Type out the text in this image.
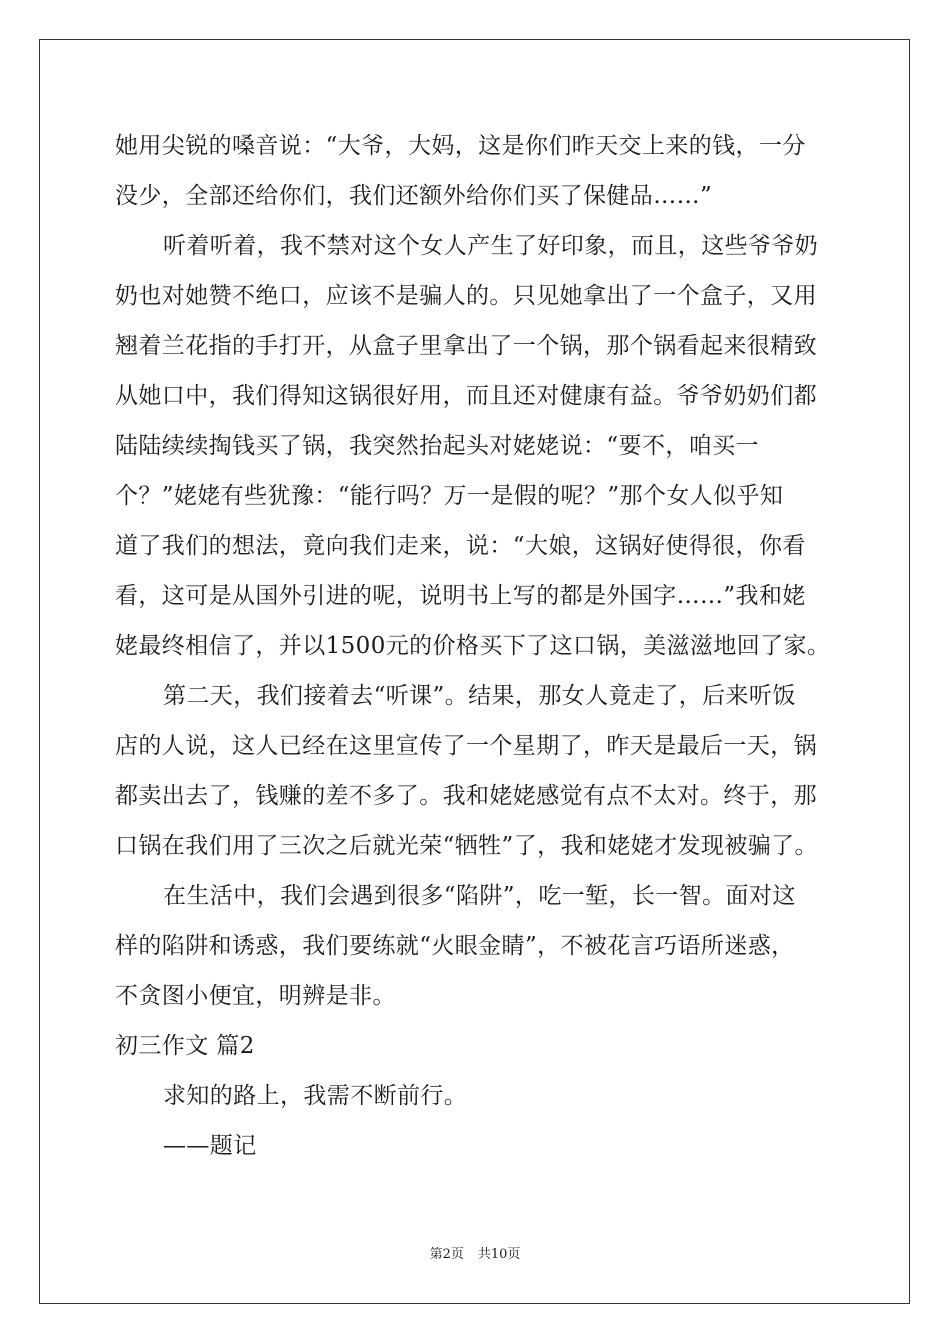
她用尖锐的嗓音说：“大爷，大妈，这是你们昨天交上来的钱，一分
没少，全部还给你们，我们还额外给你们买了保健品……”
听着听着，我不禁对这个女人产生了好印象，而且，这些爷爷奶
奶也对她赞不绝口，应该不是骗人的。只见她拿出了一个盒子，又用
翘着兰花指的手打开，从盒子里拿出了一个锅，那个锅看起来很精致
从她口中，我们得知这锅很好用，而且还对健康有益。爷爷奶奶们都
陆陆续续掏钱买了锅，我突然抬起头对姥姥说：“要不，咱买一
个？”姥姥有些犹豫：“能行吗？万一是假的呢？”那个女人似乎知
道了我们的想法，竟向我们走来，说：“大娘，这锅好使得很，你看
看，这可是从国外引进的呢，说明书上写的都是外国字……”我和姥
姥最终相信了，并以1500元的价格买下了这口锅，美滋滋地回了家。
第二天，我们接着去“听课”。结果，那女人竟走了，后来听饭
店的人说，这人已经在这里宣传了一个星期了，昨天是最后一天，锅
都卖出去了，钱赚的差不多了。我和姥姥感觉有点不太对。终于，那
口锅在我们用了三次之后就光荣“牺牲”了，我和姥姥才发现被骗了。
在生活中，我们会遇到很多“陷阱”，吃一堑，长一智。面对这
样的陷阱和诱惑，我们要练就“火眼金睛”，不被花言巧语所迷惑，
不贪图小便宜，明辨是非。
初三作文 篇2
求知的路上，我需不断前行。
——题记
第2页 共10页
